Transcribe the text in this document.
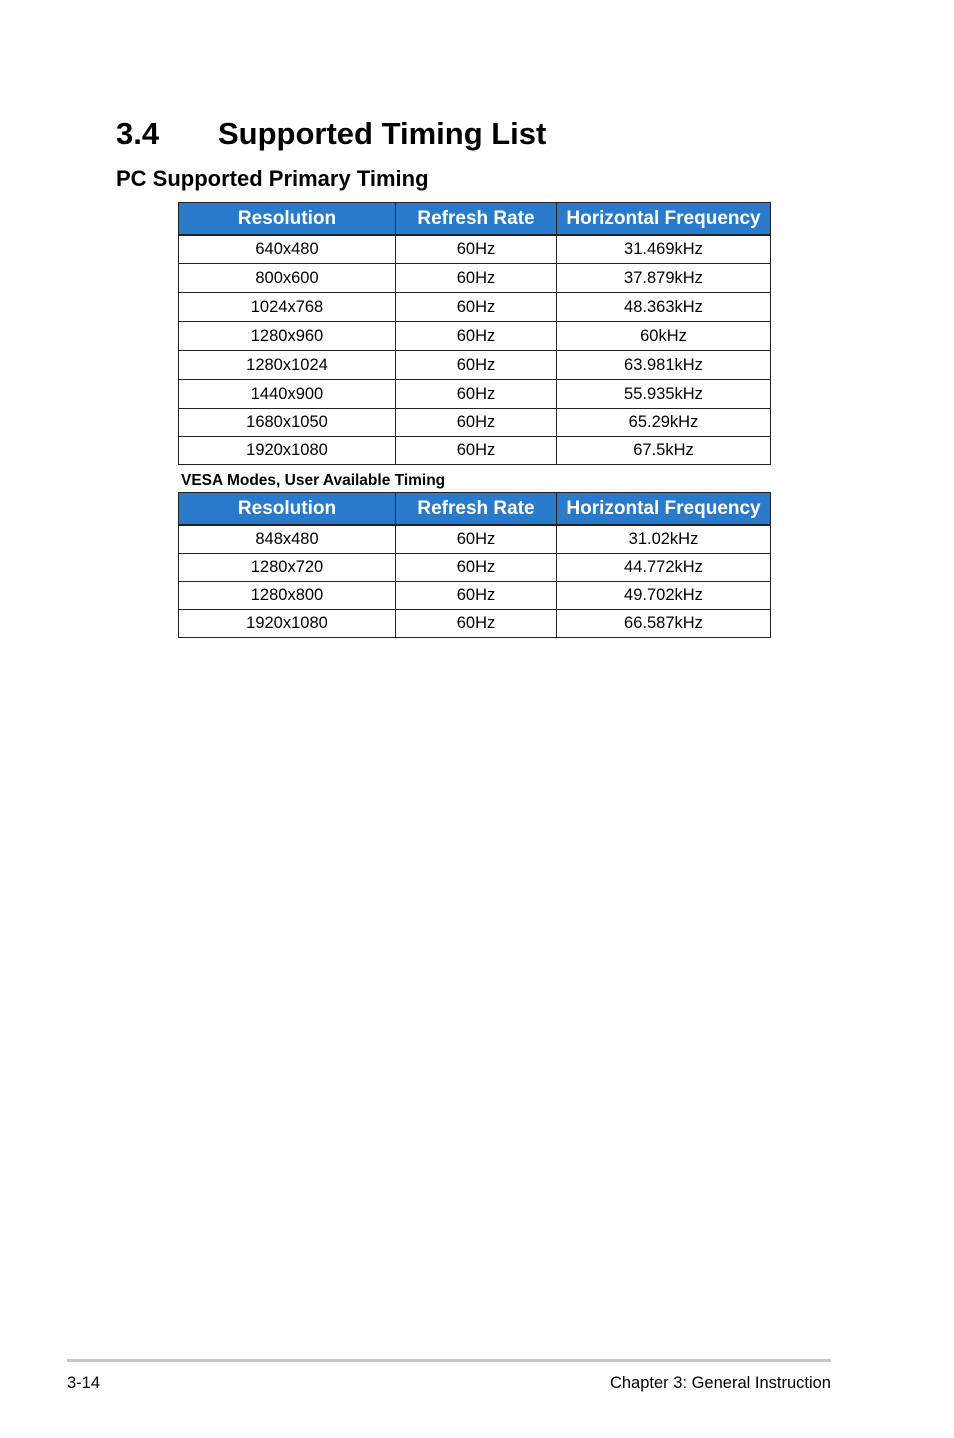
3.4 Supported Timing List
PC Supported Primary Timing
Resolution	Refresh Rate	Horizontal Frequency
640x480	60Hz	31.469kHz
800x600	60Hz	37.879kHz
1024x768	60Hz	48.363kHz
1280x960	60Hz	60kHz
1280x1024	60Hz	63.981kHz
1440x900	60Hz	55.935kHz
1680x1050	60Hz	65.29kHz
1920x1080	60Hz	67.5kHz
VESA Modes, User Available Timing
Resolution	Refresh Rate	Horizontal Frequency
848x480	60Hz	31.02kHz
1280x720	60Hz	44.772kHz
1280x800	60Hz	49.702kHz
1920x1080	60Hz	66.587kHz
3-14	Chapter 3: General Instruction
